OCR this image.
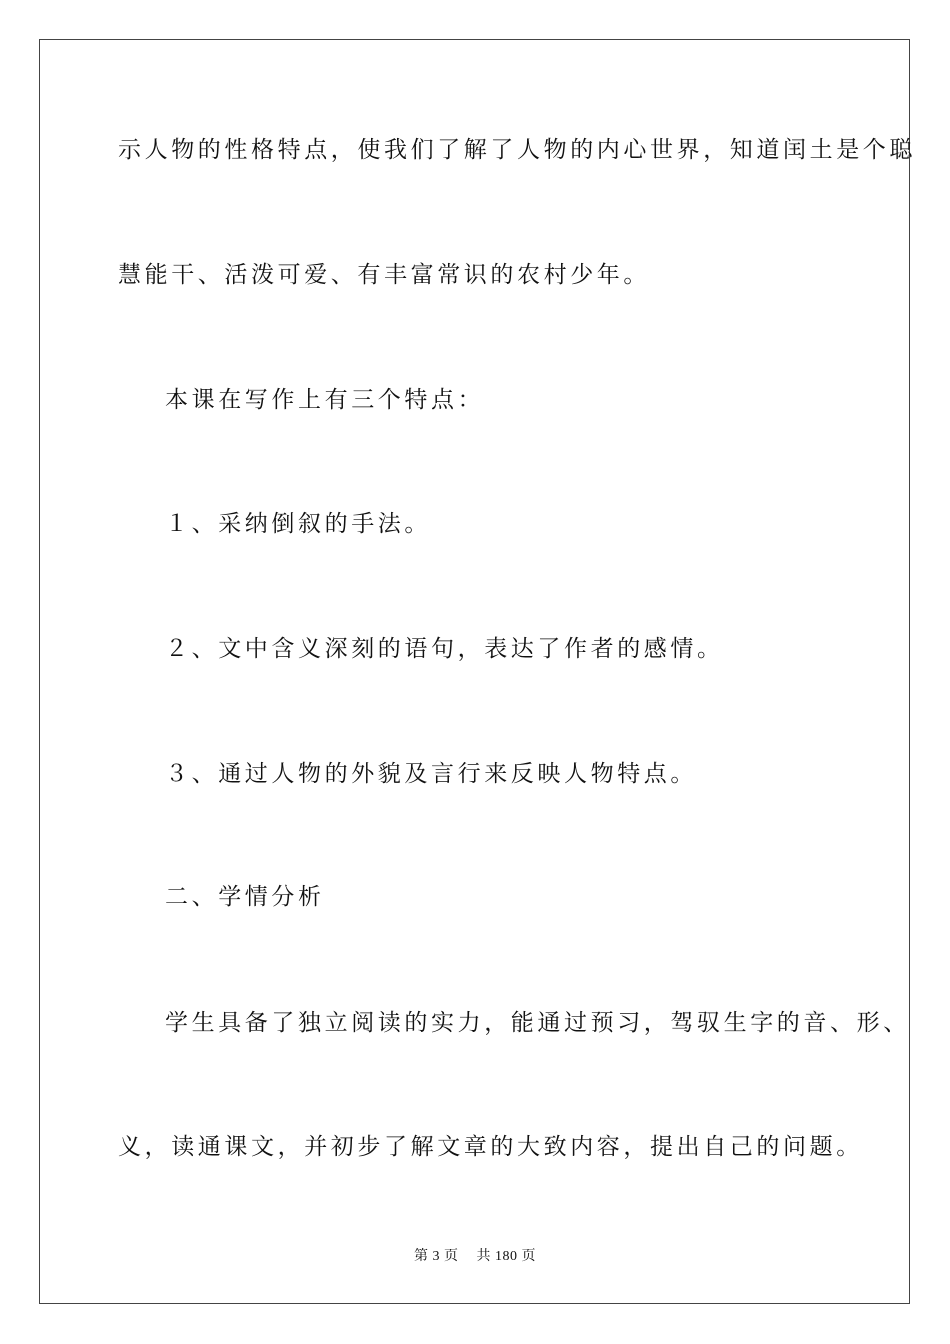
示人物的性格特点，使我们了解了人物的内心世界，知道闰土是个聪
慧能干、活泼可爱、有丰富常识的农村少年。
本课在写作上有三个特点：
１、采纳倒叙的手法。
２、文中含义深刻的语句，表达了作者的感情。
３、通过人物的外貌及言行来反映人物特点。
二、学情分析
学生具备了独立阅读的实力，能通过预习，驾驭生字的音、形、
义，读通课文，并初步了解文章的大致内容，提出自己的问题。
第 3 页 共 180 页
